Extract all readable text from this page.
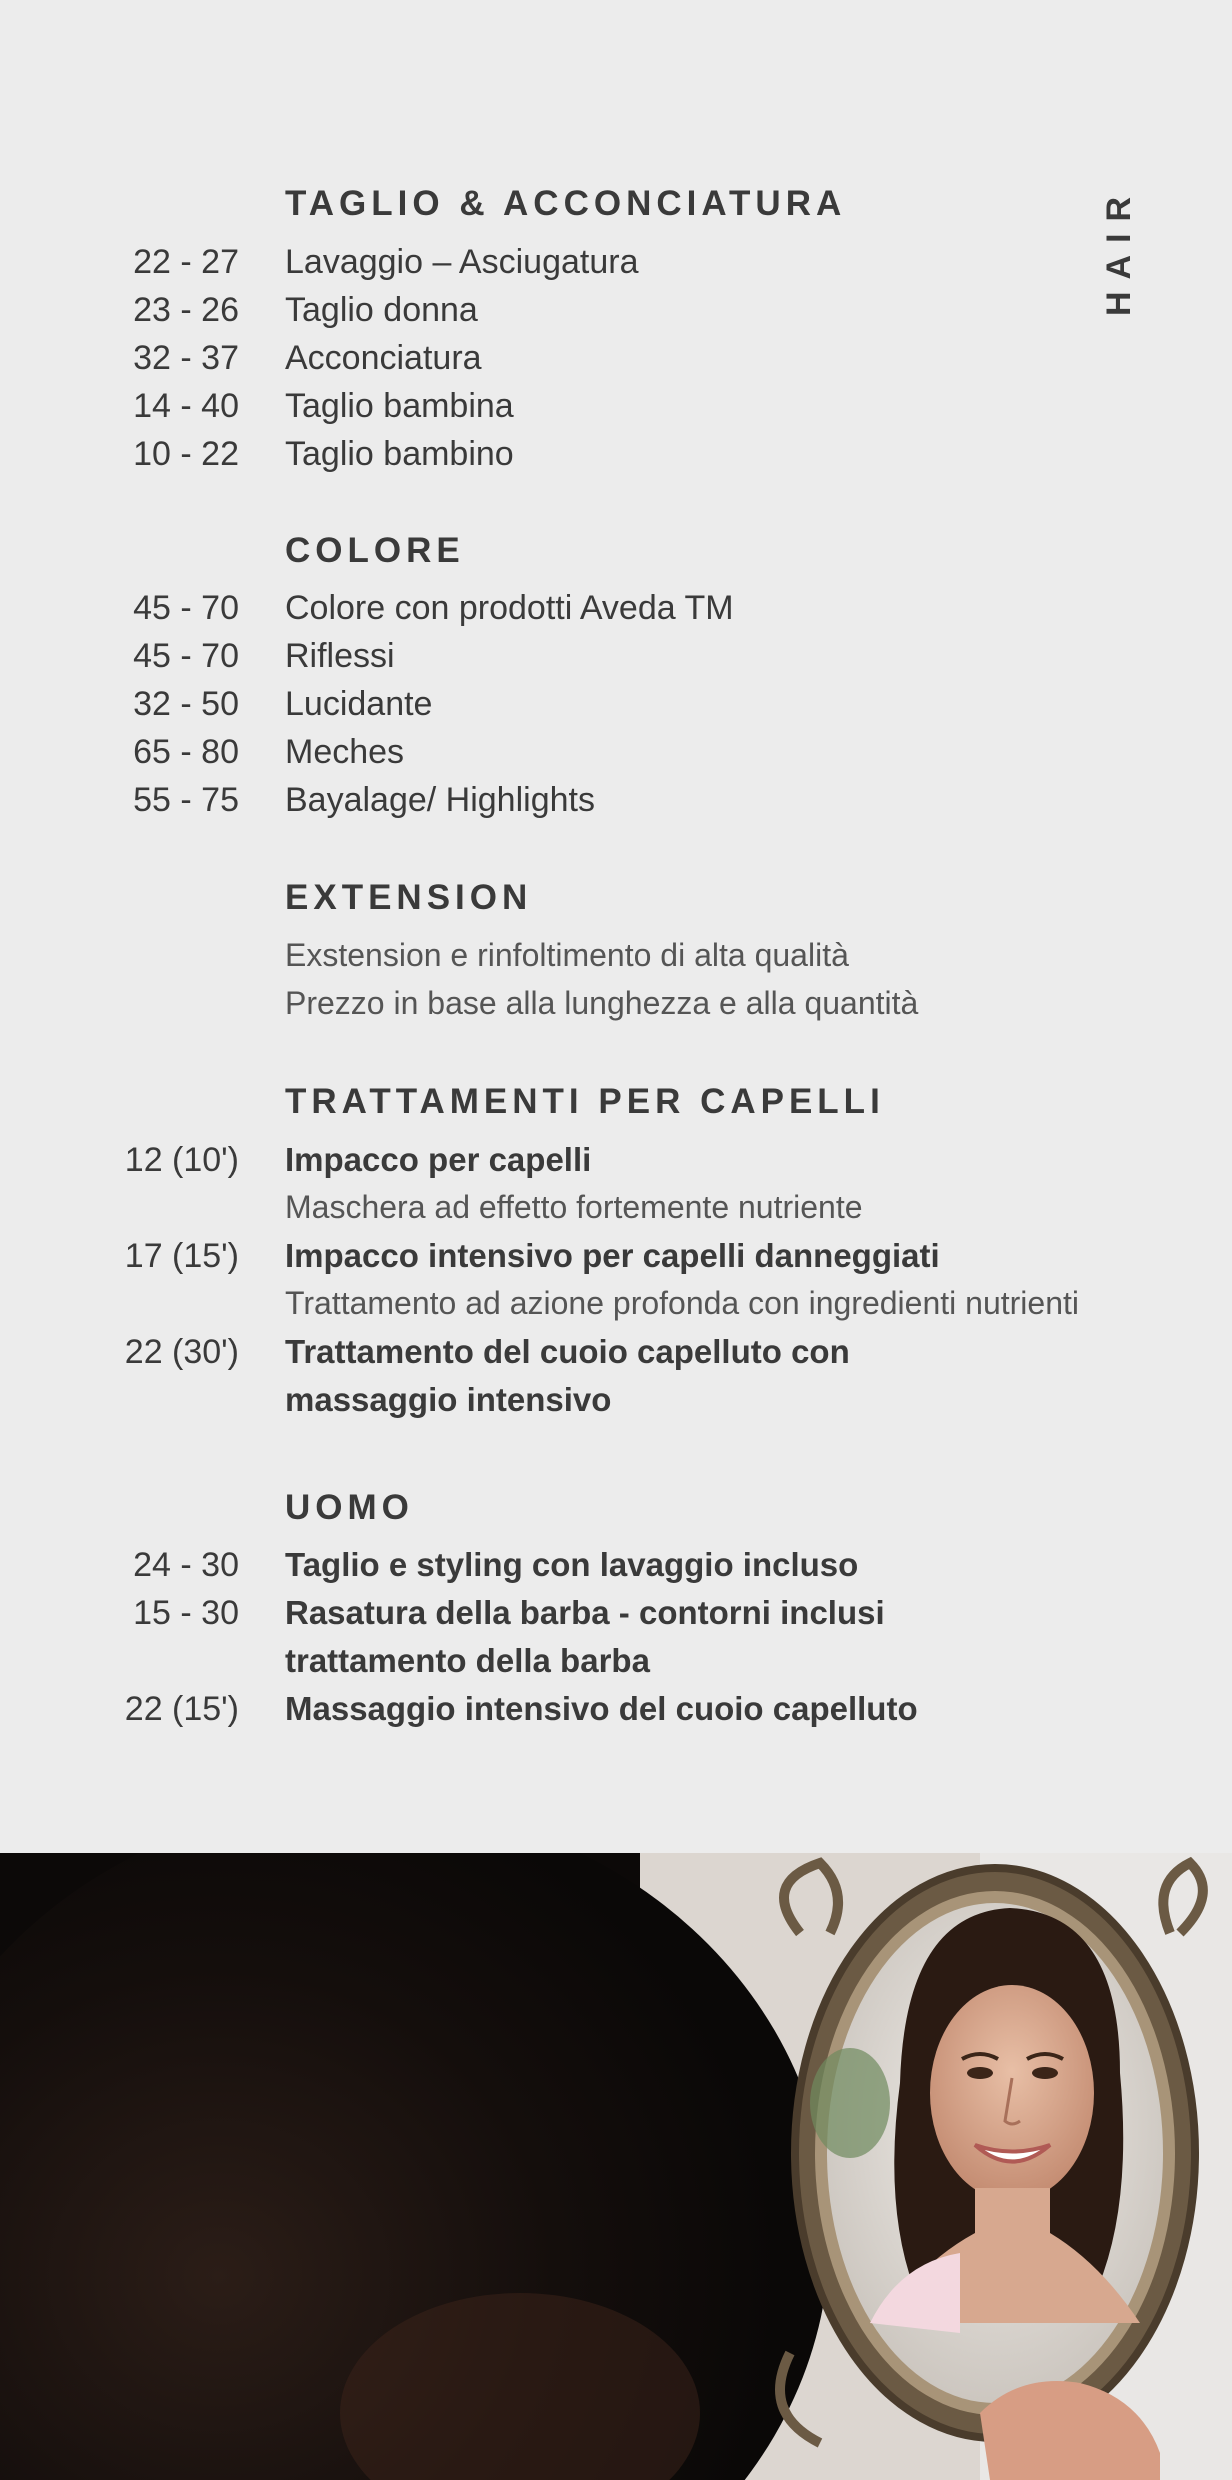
HAIR
TAGLIO & ACCONCIATURA
22 - 27 Lavaggio – Asciugatura
23 - 26 Taglio donna
32 - 37 Acconciatura
14 - 40 Taglio bambina
10 - 22 Taglio bambino
COLORE
45 - 70 Colore con prodotti Aveda TM
45 - 70 Riflessi
32 - 50 Lucidante
65 - 80 Meches
55 - 75 Bayalage/ Highlights
EXTENSION
Exstension e rinfoltimento di alta qualità
Prezzo in base alla lunghezza e alla quantità
TRATTAMENTI PER CAPELLI
12 (10') Impacco per capelli
Maschera ad effetto fortemente nutriente
17 (15') Impacco intensivo per capelli danneggiati
Trattamento ad azione profonda con ingredienti nutrienti
22 (30') Trattamento del cuoio capelluto con
massaggio intensivo
UOMO
24 - 30 Taglio e styling con lavaggio incluso
15 - 30 Rasatura della barba - contorni inclusi
trattamento della barba
22 (15') Massaggio intensivo del cuoio capelluto
